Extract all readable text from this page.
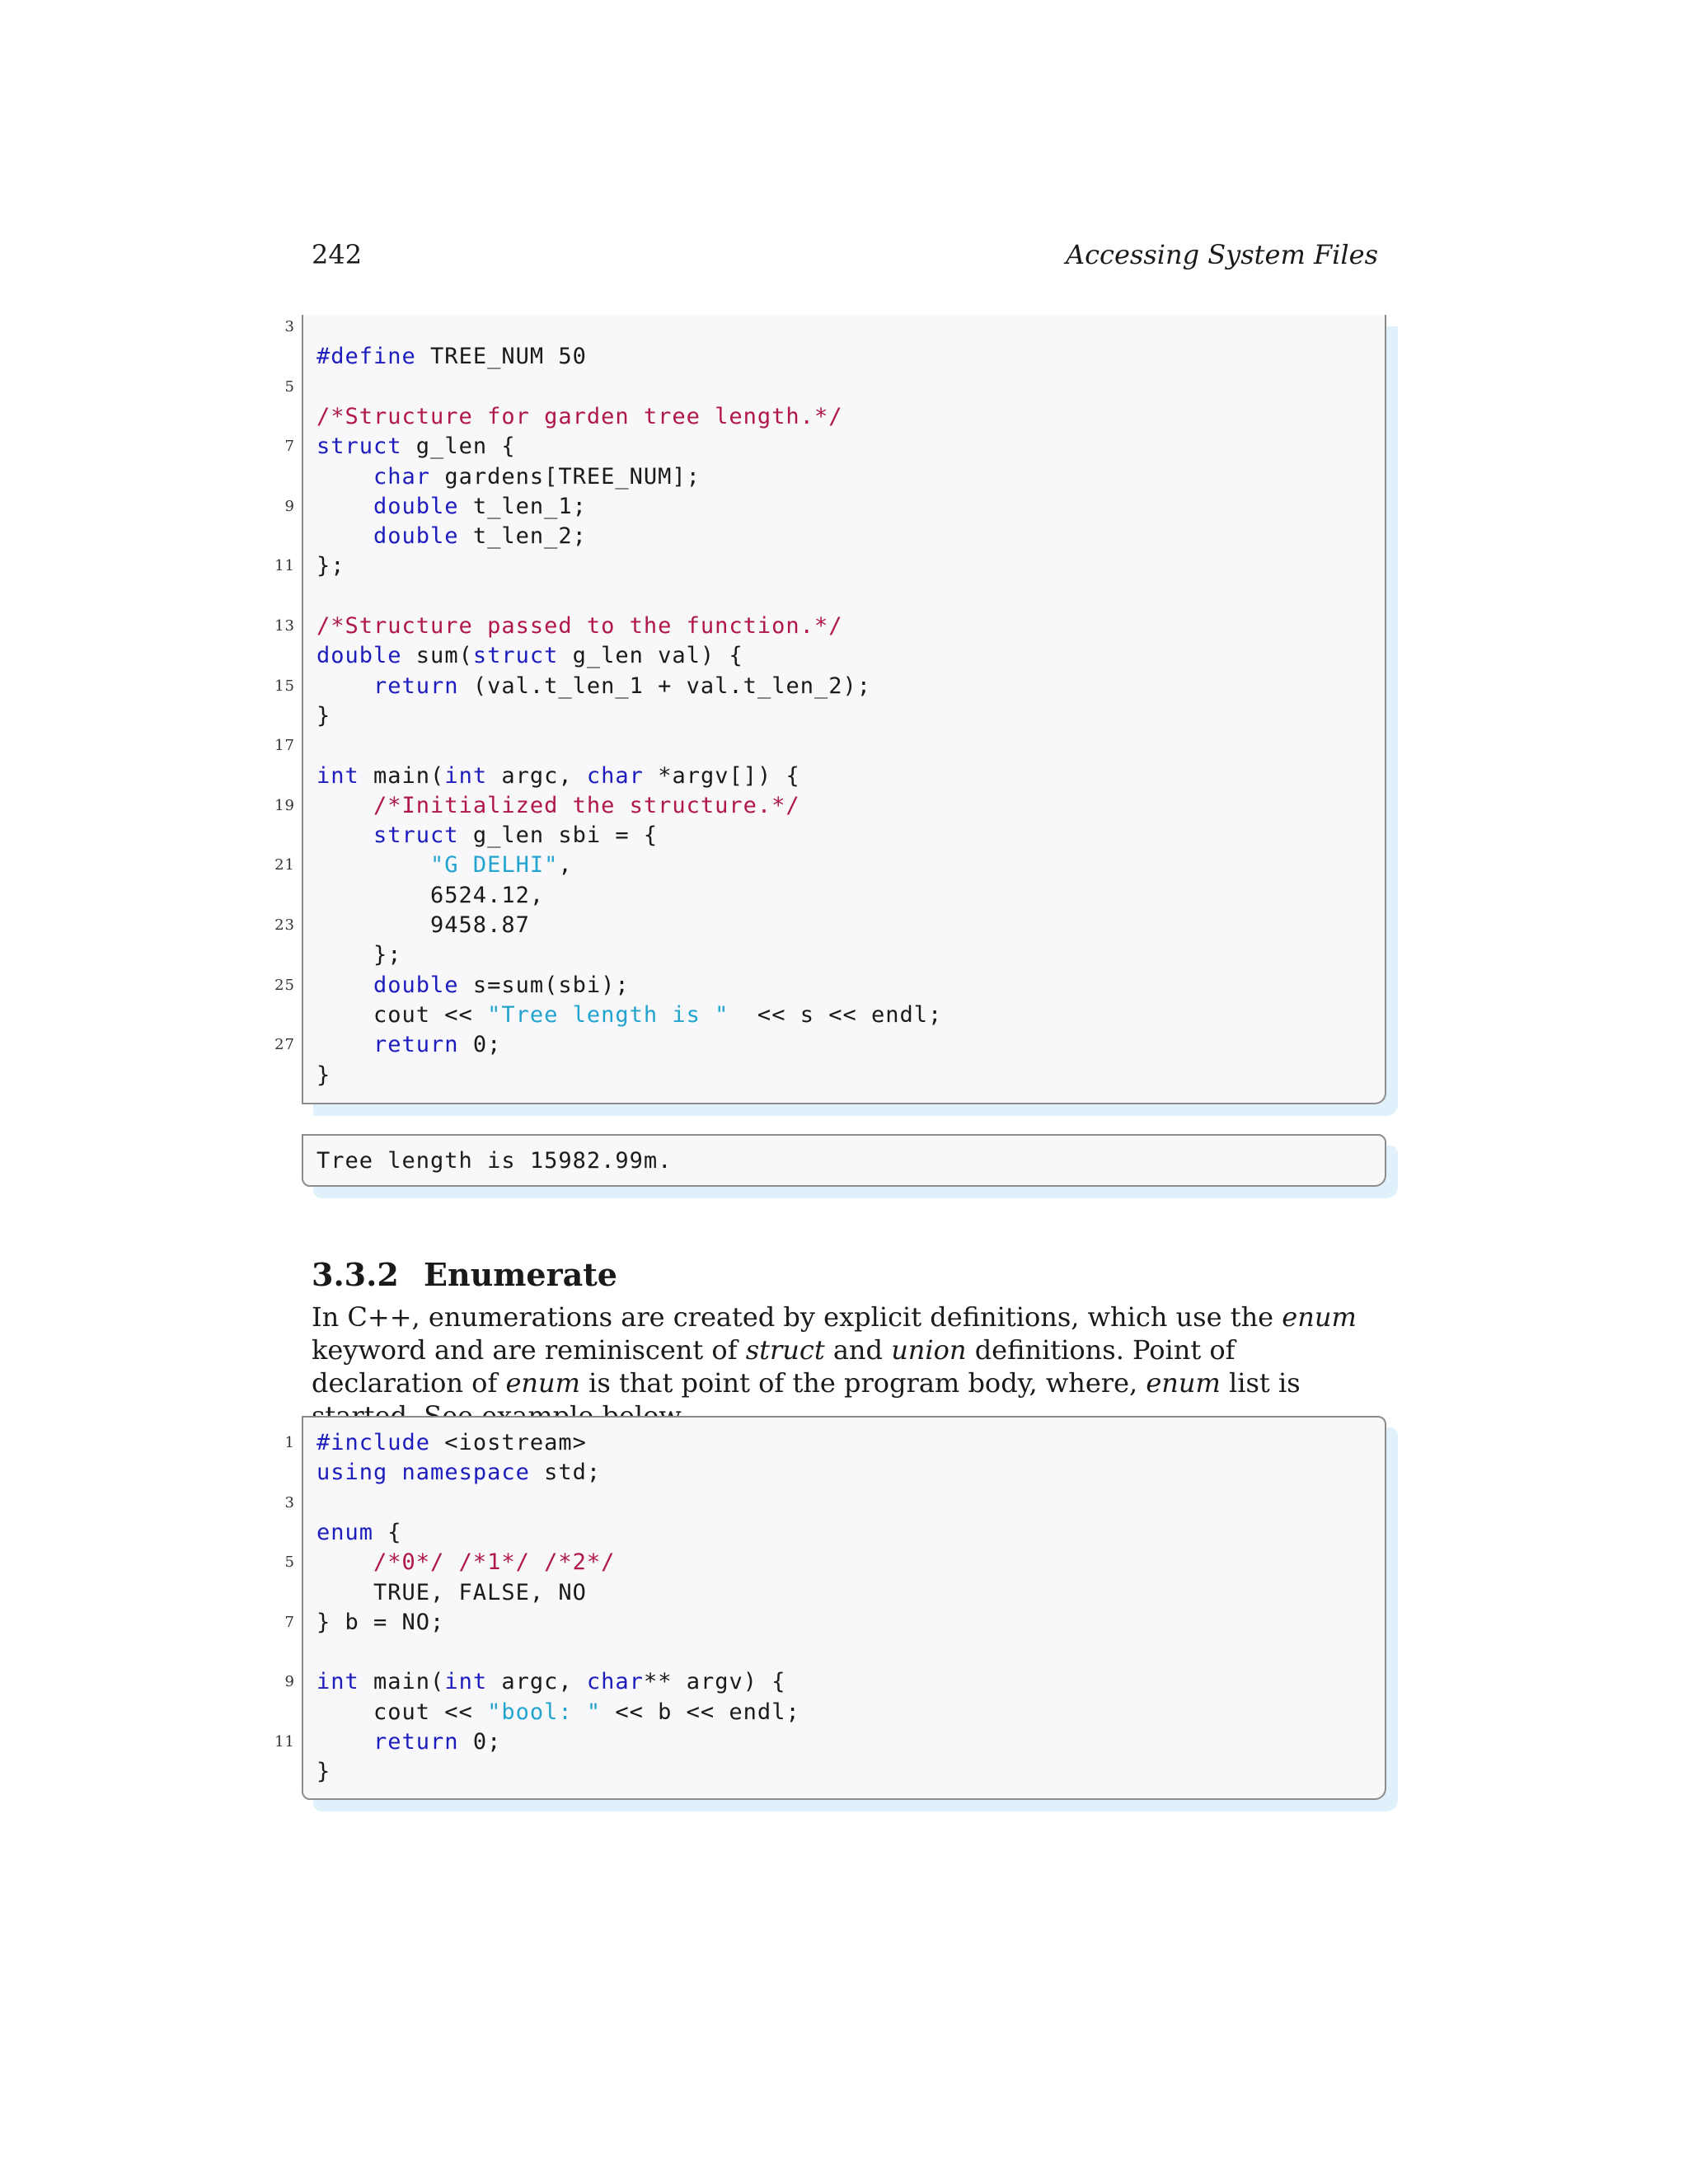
242	Accessing System Files
3
#define TREE_NUM 50
5
/*Structure for garden tree length.*/
7 struct g_len {
char gardens[TREE_NUM];
9	double t_len_1;
double t_len_2;
11 };
13 /*Structure passed to the function.*/
double sum(struct g_len val) {
15	return (val.t_len_1 + val.t_len_2);
}
17
int main(int argc, char *argv[]) {
19	/*Initialized the structure.*/
struct g_len sbi = {
21	"G DELHI",
6524.12,
23 9458.87
};
25	double s=sum(sbi);
cout << "Tree length is "  << s << endl;
27	return 0;
}

Tree length is 15982.99m.

3.3.2 Enumerate
In C++, enumerations are created by explicit definitions, which use the enum keyword and are reminiscent of struct and union definitions. Point of declaration of enum is that point of the program body, where, enum list is
1 #include <iostream>
using namespace std;
3
enum {
5	/*0*/ /*1*/ /*2*/
TRUE, FALSE, NO
7 } b = NO;
9 int main(int argc, char** argv) {
cout << "bool: " << b << endl;
11	return 0;
}
